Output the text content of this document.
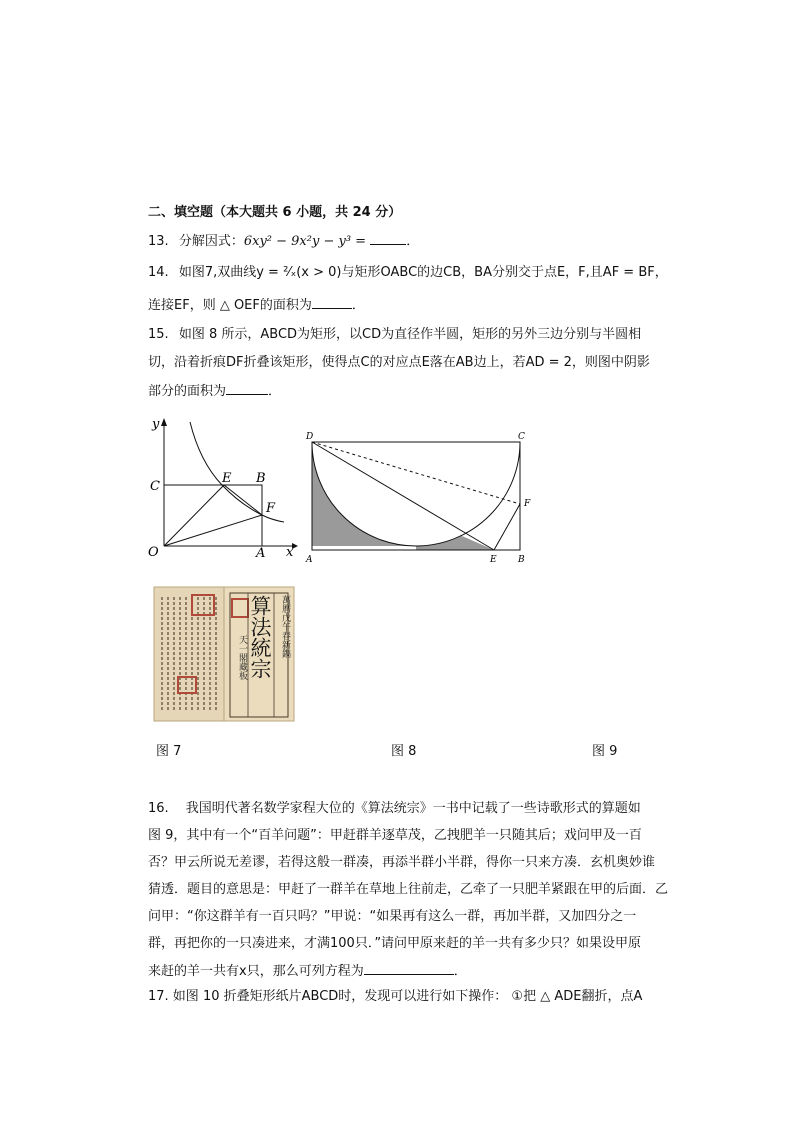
二、填空题（本大题共 6 小题，共 24 分）
13. 分解因式：6xy² − 9x²y − y³ =	．
14. 如图7,双曲线y = ²⁄ₓ(x > 0)与矩形OABC的边CB，BA分别交于点E，F,且AF = BF，
连接EF，则 △ OEF的面积为	．
15. 如图 8 所示，ABCD为矩形，以CD为直径作半圆，矩形的另外三边分别与半圆相
切，沿着折痕DF折叠该矩形，使得点C的对应点E落在AB边上，若AD = 2，则图中阴影
部分的面积为	．
y
x
O	A
B
C
E
F
D	C
A	E B
F
算法統宗 萬曆戊午春新鐫
天一閣藏板
图 7	图 8	图 9
16.　 我国明代著名数学家程大位的《算法统宗》一书中记载了一些诗歌形式的算题如
图 9，其中有一个“百羊问题”：甲赶群羊逐草茂，乙拽肥羊一只随其后；戏问甲及一百
否？甲云所说无差谬，若得这般一群凑，再添半群小半群，得你一只来方凑．玄机奥妙谁
猜透．题目的意思是：甲赶了一群羊在草地上往前走，乙牵了一只肥羊紧跟在甲的后面．乙
问甲：“你这群羊有一百只吗？”甲说：“如果再有这么一群，再加半群，又加四分之一
群，再把你的一只凑进来，才满100只．”请问甲原来赶的羊一共有多少只？如果设甲原
来赶的羊一共有x只，那么可列方程为	．
17. 如图 10 折叠矩形纸片ABCD时，发现可以进行如下操作： ①把 △ ADE翻折，点A
